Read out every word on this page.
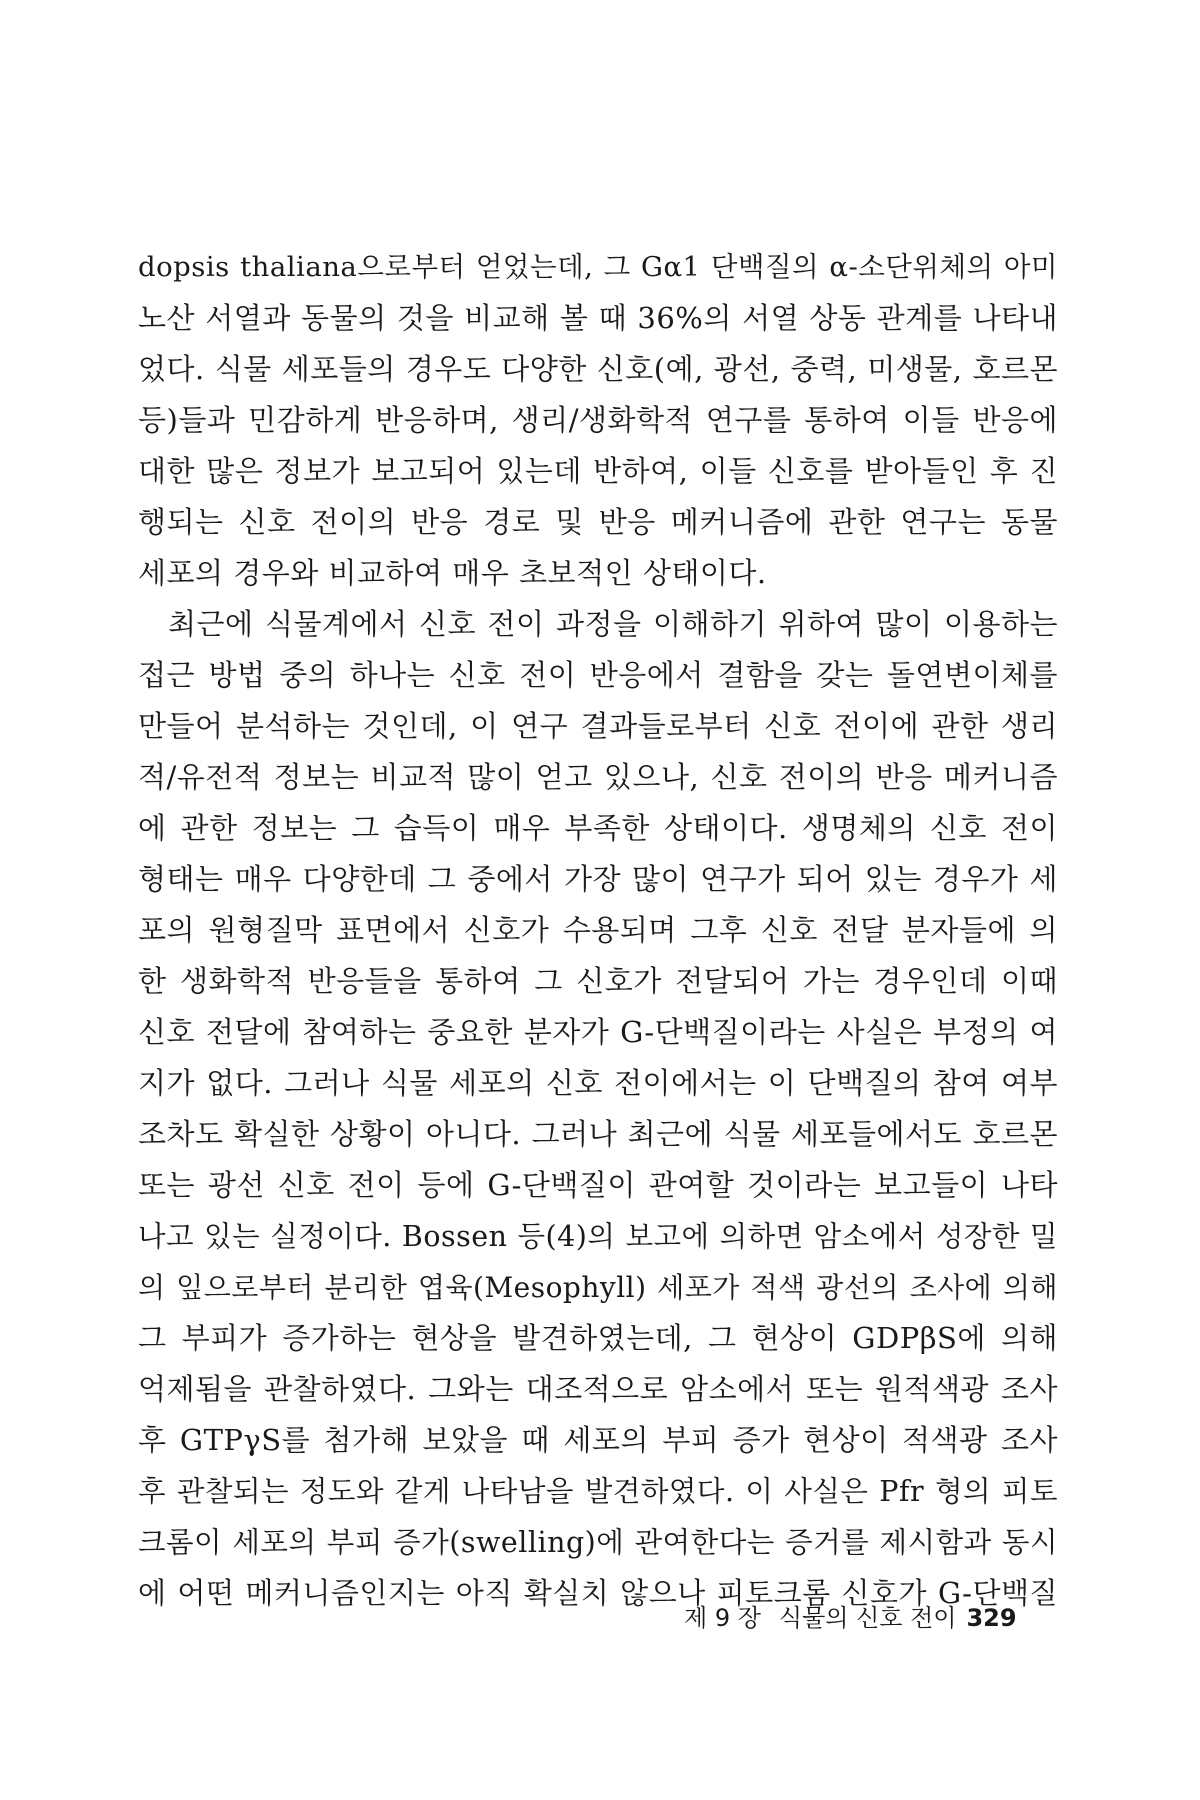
dopsis thaliana으로부터 얻었는데, 그 Gα1 단백질의 α-소단위체의 아미
노산 서열과 동물의 것을 비교해 볼 때 36%의 서열 상동 관계를 나타내
었다. 식물 세포들의 경우도 다양한 신호(예, 광선, 중력, 미생물, 호르몬
등)들과 민감하게 반응하며, 생리/생화학적 연구를 통하여 이들 반응에
대한 많은 정보가 보고되어 있는데 반하여, 이들 신호를 받아들인 후 진
행되는 신호 전이의 반응 경로 및 반응 메커니즘에 관한 연구는 동물
세포의 경우와 비교하여 매우 초보적인 상태이다.
최근에 식물계에서 신호 전이 과정을 이해하기 위하여 많이 이용하는
접근 방법 중의 하나는 신호 전이 반응에서 결함을 갖는 돌연변이체를
만들어 분석하는 것인데, 이 연구 결과들로부터 신호 전이에 관한 생리
적/유전적 정보는 비교적 많이 얻고 있으나, 신호 전이의 반응 메커니즘
에 관한 정보는 그 습득이 매우 부족한 상태이다. 생명체의 신호 전이
형태는 매우 다양한데 그 중에서 가장 많이 연구가 되어 있는 경우가 세
포의 원형질막 표면에서 신호가 수용되며 그후 신호 전달 분자들에 의
한 생화학적 반응들을 통하여 그 신호가 전달되어 가는 경우인데 이때
신호 전달에 참여하는 중요한 분자가 G-단백질이라는 사실은 부정의 여
지가 없다. 그러나 식물 세포의 신호 전이에서는 이 단백질의 참여 여부
조차도 확실한 상황이 아니다. 그러나 최근에 식물 세포들에서도 호르몬
또는 광선 신호 전이 등에 G-단백질이 관여할 것이라는 보고들이 나타
나고 있는 실정이다. Bossen 등(4)의 보고에 의하면 암소에서 성장한 밀
의 잎으로부터 분리한 엽육(Mesophyll) 세포가 적색 광선의 조사에 의해
그 부피가 증가하는 현상을 발견하였는데, 그 현상이 GDPβS에 의해
억제됨을 관찰하였다. 그와는 대조적으로 암소에서 또는 원적색광 조사
후 GTPγS를 첨가해 보았을 때 세포의 부피 증가 현상이 적색광 조사
후 관찰되는 정도와 같게 나타남을 발견하였다. 이 사실은 Pfr 형의 피토
크롬이 세포의 부피 증가(swelling)에 관여한다는 증거를 제시함과 동시
에 어떤 메커니즘인지는 아직 확실치 않으나 피토크롬 신호가 G-단백질
제 9 장 식물의 신호 전이 329
